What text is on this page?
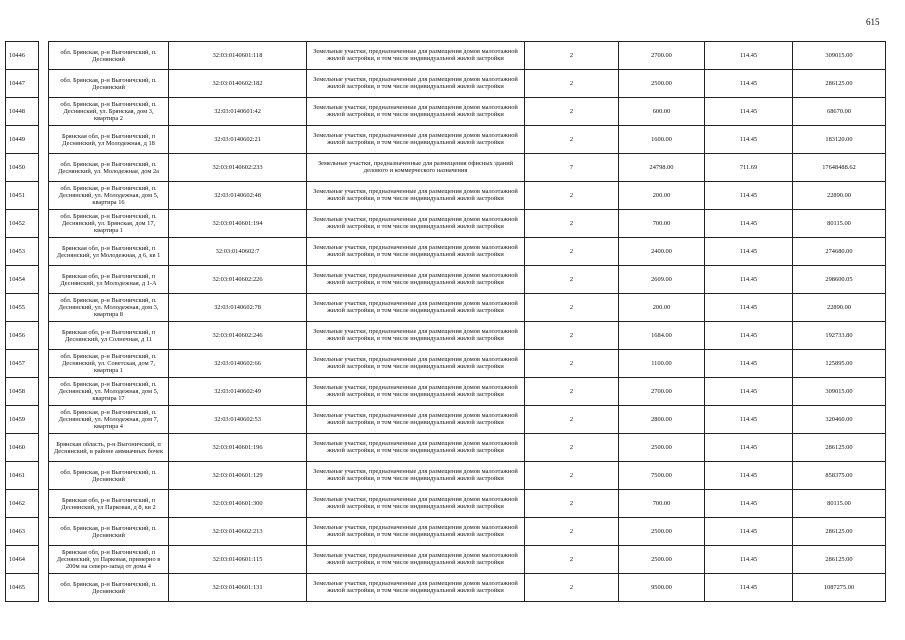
615
10446		обл. Брянская, р-н Выгоничский, п. Деснянский	32:03:0140601:118	Земельные участки, предназначенные для размещения домов малоэтажной жилой застройки, в том числе индивидуальной жилой застройки	2	2700.00	114.45	309015.00
10447		обл. Брянская, р-н Выгоничский, п. Деснянский	32:03:0140602:182	Земельные участки, предназначенные для размещения домов малоэтажной жилой застройки, в том числе индивидуальной жилой застройки	2	2500.00	114.45	286125.00
10448		обл. Брянская, р-н Выгоничский, п. Деснянский, ул. Брянская, дом 3, квартира 2	32:03:0140601:42	Земельные участки, предназначенные для размещения домов малоэтажной жилой застройки, в том числе индивидуальной жилой застройки	2	600.00	114.45	68670.00
10449		Брянская обл, р-н Выгоничский, п Деснянский, ул Молодежная, д 18	32:03:0140602:21	Земельные участки, предназначенные для размещения домов малоэтажной жилой застройки, в том числе индивидуальной жилой застройки	2	1600.00	114.45	183120.00
10450		обл. Брянская, р-н Выгоничский, п. Деснянский, ул. Молодежная, дом 2а	32:03:0140602:233	Земельные участки, предназначенные для размещения офисных зданий делового и коммерческого назначения	7	24798.00	711.69	17648488.62
10451		обл. Брянская, р-н Выгоничский, п. Деснянский, ул. Молодежная, дом 5, квартира 16	32:03:0140602:48	Земельные участки, предназначенные для размещения домов малоэтажной жилой застройки, в том числе индивидуальной жилой застройки	2	200.00	114.45	22890.00
10452		обл. Брянская, р-н Выгоничский, п. Деснянский, ул. Брянская, дом 17, квартира 1	32:03:0140601:194	Земельные участки, предназначенные для размещения домов малоэтажной жилой застройки, в том числе индивидуальной жилой застройки	2	700.00	114.45	80115.00
10453		Брянская обл, р-н Выгоничский, п Деснянский, ул Молодежная, д 6, кв 1	32:03:0140602:7	Земельные участки, предназначенные для размещения домов малоэтажной жилой застройки, в том числе индивидуальной жилой застройки	2	2400.00	114.45	274680.00
10454		Брянская обл, р-н Выгоничский, п Деснянский, ул Молодежная, д 1-А	32:03:0140602:226	Земельные участки, предназначенные для размещения домов малоэтажной жилой застройки, в том числе индивидуальной жилой застройки	2	2609.00	114.45	298600.05
10455		обл. Брянская, р-н Выгоничский, п. Деснянский, ул. Молодежная, дом 3, квартира 8	32:03:0140602:78	Земельные участки, предназначенные для размещения домов малоэтажной жилой застройки, в том числе индивидуальной жилой застройки	2	200.00	114.45	22890.00
10456		Брянская обл, р-н Выгоничский, п Деснянский, ул Солнечная, д 11	32:03:0140602:246	Земельные участки, предназначенные для размещения домов малоэтажной жилой застройки, в том числе индивидуальной жилой застройки	2	1684.00	114.45	192733.80
10457		обл. Брянская, р-н Выгоничский, п. Деснянский, ул. Советская, дом 7, квартира 1	32:03:0140602:66	Земельные участки, предназначенные для размещения домов малоэтажной жилой застройки, в том числе индивидуальной жилой застройки	2	1100.00	114.45	125895.00
10458		обл. Брянская, р-н Выгоничский, п. Деснянский, ул. Молодежная, дом 5, квартира 17	32:03:0140602:49	Земельные участки, предназначенные для размещения домов малоэтажной жилой застройки, в том числе индивидуальной жилой застройки	2	2700.00	114.45	309015.00
10459		обл. Брянская, р-н Выгоничский, п. Деснянский, ул. Молодежная, дом 7, квартира 4	32:03:0140602:53	Земельные участки, предназначенные для размещения домов малоэтажной жилой застройки, в том числе индивидуальной жилой застройки	2	2800.00	114.45	320460.00
10460		Брянская область, р-н Выгоничский, п Деснянский, в районе аммиачных бочек	32:03:0140601:196	Земельные участки, предназначенные для размещения домов малоэтажной жилой застройки, в том числе индивидуальной жилой застройки	2	2500.00	114.45	286125.00
10461		обл. Брянская, р-н Выгоничский, п. Деснянский	32:03:0140601:129	Земельные участки, предназначенные для размещения домов малоэтажной жилой застройки, в том числе индивидуальной жилой застройки	2	7500.00	114.45	858375.00
10462		Брянская обл, р-н Выгоничский, п Деснянский, ул Парковая, д 8, кв 2	32:03:0140601:300	Земельные участки, предназначенные для размещения домов малоэтажной жилой застройки, в том числе индивидуальной жилой застройки	2	700.00	114.45	80115.00
10463		обл. Брянская, р-н Выгоничский, п. Деснянский	32:03:0140602:213	Земельные участки, предназначенные для размещения домов малоэтажной жилой застройки, в том числе индивидуальной жилой застройки	2	2500.00	114.45	286125.00
10464		Брянская обл, р-н Выгоничский, п Деснянский, ул Парковая, примерно в 200м на северо-запад от дома 4	32:03:0140601:115	Земельные участки, предназначенные для размещения домов малоэтажной жилой застройки, в том числе индивидуальной жилой застройки	2	2500.00	114.45	286125.00
10465		обл. Брянская, р-н Выгоничский, п. Деснянский	32:03:0140601:131	Земельные участки, предназначенные для размещения домов малоэтажной жилой застройки, в том числе индивидуальной жилой застройки	2	9500.00	114.45	1087275.00
